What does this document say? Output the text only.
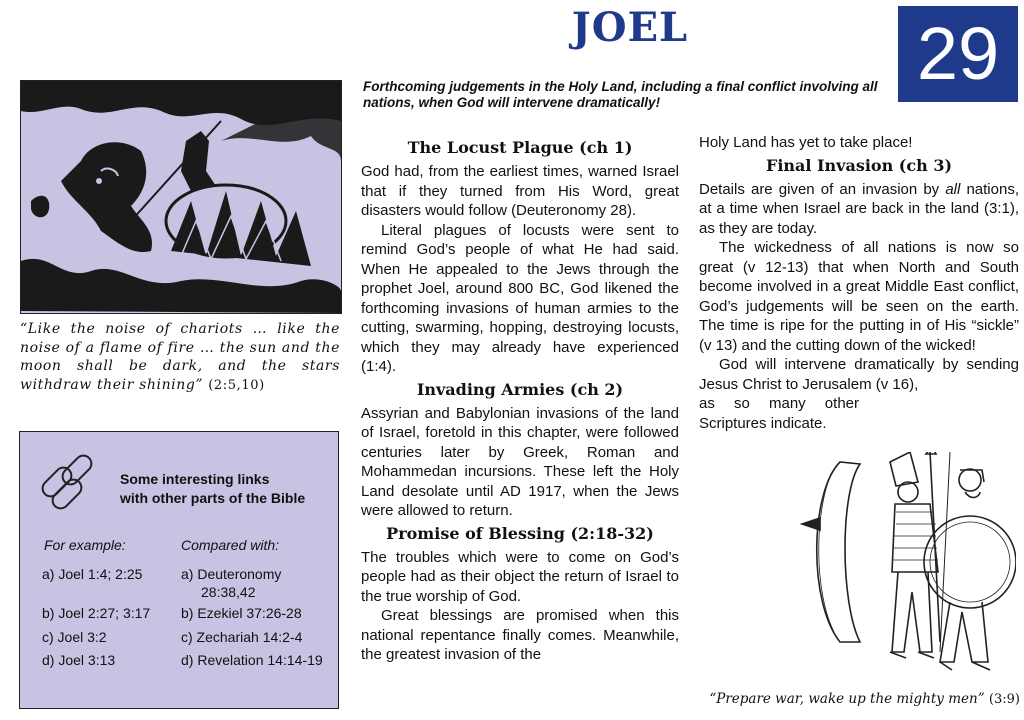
JOEL	29
Forthcoming judgements in the Holy Land, including a final conflict involving all nations, when God will intervene dramatically!
“Like the noise of chariots … like the noise of a flame of fire … the sun and the moon shall be dark, and the stars withdraw their shining” (2:5,10)
Some interesting links
with other parts of the Bible
For example:	Compared with:
a) Joel 1:4; 2:25	a) Deuteronomy
28:38,42
b) Joel 2:27; 3:17 b) Ezekiel 37:26-28
c) Joel 3:2	c) Zechariah 14:2-4
d) Joel 3:13	d) Revelation 14:14-19
The Locust Plague (ch 1)

God had, from the earliest times, warned Israel that if they turned from His Word, great disasters would follow (Deuteronomy 28).

Literal plagues of locusts were sent to remind God’s people of what He had said. When He appealed to the Jews through the prophet Joel, around 800 BC, God likened the forthcoming invasions of human armies to the cutting, swarming, hopping, destroying locusts, which they may already have experienced (1:4).

Invading Armies (ch 2)

Assyrian and Babylonian invasions of the land of Israel, foretold in this chapter, were followed centuries later by Greek, Roman and Mohammedan incursions. These left the Holy Land desolate until AD 1917, when the Jews were allowed to return.

Promise of Blessing (2:18-32)

The troubles which were to come on God’s people had as their object the return of Israel to the true worship of God.

Great blessings are promised when this national repentance finally comes. Meanwhile, the greatest invasion of the

Holy Land has yet to take place!

Final Invasion (ch 3)

Details are given of an invasion by all nations, at a time when Israel are back in the land (3:1), as they are today.

The wickedness of all nations is now so great (v 12-13) that when North and South become involved in a great Middle East conflict, God’s judgements will be seen on the earth. The time is ripe for the putting in of His “sickle” (v 13) and the cutting down of the wicked!

God will intervene dramatically by sending Jesus Christ to Jerusalem (v 16),

as so many other Scriptures indicate.

“Prepare war, wake up the mighty men” (3:9)
